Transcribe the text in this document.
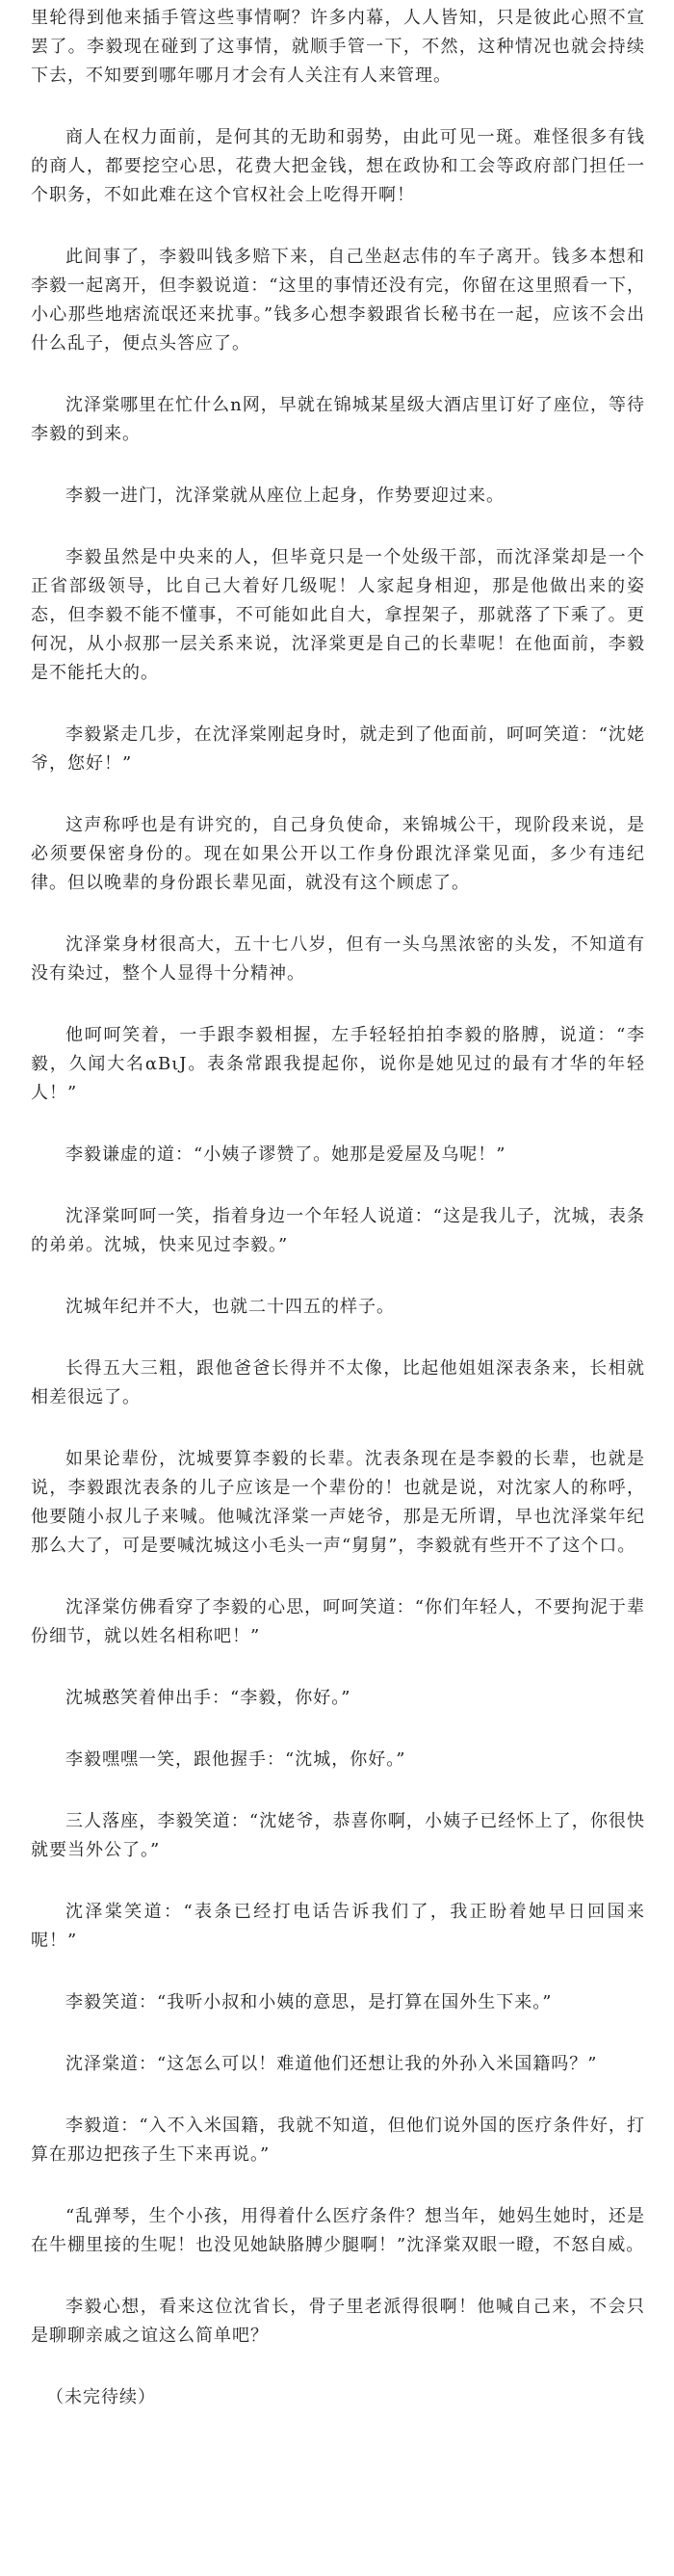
里轮得到他来插手管这些事情啊？许多内幕，人人皆知，只是彼此心照不宣罢了。李毅现在碰到了这事情，就顺手管一下，不然，这种情况也就会持续下去，不知要到哪年哪月才会有人关注有人来管理。

商人在权力面前，是何其的无助和弱势，由此可见一斑。难怪很多有钱的商人，都要挖空心思，花费大把金钱，想在政协和工会等政府部门担任一个职务，不如此难在这个官权社会上吃得开啊！

此间事了，李毅叫钱多赔下来，自己坐赵志伟的车子离开。钱多本想和李毅一起离开，但李毅说道：“这里的事情还没有完，你留在这里照看一下，小心那些地痞流氓还来扰事。”钱多心想李毅跟省长秘书在一起，应该不会出什么乱子，便点头答应了。

沈泽棠哪里在忙什么n网，早就在锦城某星级大酒店里订好了座位，等待李毅的到来。

李毅一进门，沈泽棠就从座位上起身，作势要迎过来。

李毅虽然是中央来的人，但毕竟只是一个处级干部，而沈泽棠却是一个正省部级领导，比自己大着好几级呢！人家起身相迎，那是他做出来的姿态，但李毅不能不懂事，不可能如此自大，拿捏架子，那就落了下乘了。更何况，从小叔那一层关系来说，沈泽棠更是自己的长辈呢！在他面前，李毅是不能托大的。

李毅紧走几步，在沈泽棠刚起身时，就走到了他面前，呵呵笑道：“沈姥爷，您好！”

这声称呼也是有讲究的，自己身负使命，来锦城公干，现阶段来说，是必须要保密身份的。现在如果公开以工作身份跟沈泽棠见面，多少有违纪律。但以晚辈的身份跟长辈见面，就没有这个顾虑了。

沈泽棠身材很高大，五十七八岁，但有一头乌黑浓密的头发，不知道有没有染过，整个人显得十分精神。

他呵呵笑着，一手跟李毅相握，左手轻轻拍拍李毅的胳膊，说道：“李毅，久闻大名αBιJ。表条常跟我提起你，说你是她见过的最有才华的年轻人！”

李毅谦虚的道：“小姨子谬赞了。她那是爱屋及乌呢！”

沈泽棠呵呵一笑，指着身边一个年轻人说道：“这是我儿子，沈城，表条的弟弟。沈城，快来见过李毅。”

沈城年纪并不大，也就二十四五的样子。

长得五大三粗，跟他爸爸长得并不太像，比起他姐姐深表条来，长相就相差很远了。

如果论辈份，沈城要算李毅的长辈。沈表条现在是李毅的长辈，也就是说，李毅跟沈表条的儿子应该是一个辈份的！也就是说，对沈家人的称呼，他要随小叔儿子来喊。他喊沈泽棠一声姥爷，那是无所谓，早也沈泽棠年纪那么大了，可是要喊沈城这小毛头一声“舅舅”，李毅就有些开不了这个口。

沈泽棠仿佛看穿了李毅的心思，呵呵笑道：“你们年轻人，不要拘泥于辈份细节，就以姓名相称吧！”

沈城憨笑着伸出手：“李毅，你好。”

李毅嘿嘿一笑，跟他握手：“沈城，你好。”

三人落座，李毅笑道：“沈姥爷，恭喜你啊，小姨子已经怀上了，你很快就要当外公了。”

沈泽棠笑道：“表条已经打电话告诉我们了，我正盼着她早日回国来呢！”

李毅笑道：“我听小叔和小姨的意思，是打算在国外生下来。”

沈泽棠道：“这怎么可以！难道他们还想让我的外孙入米国籍吗？”

李毅道：“入不入米国籍，我就不知道，但他们说外国的医疗条件好，打算在那边把孩子生下来再说。”

“乱弹琴，生个小孩，用得着什么医疗条件？想当年，她妈生她时，还是在牛棚里接的生呢！也没见她缺胳膊少腿啊！”沈泽棠双眼一瞪，不怒自威。

李毅心想，看来这位沈省长，骨子里老派得很啊！他喊自己来，不会只是聊聊亲戚之谊这么简单吧？

（未完待续）
